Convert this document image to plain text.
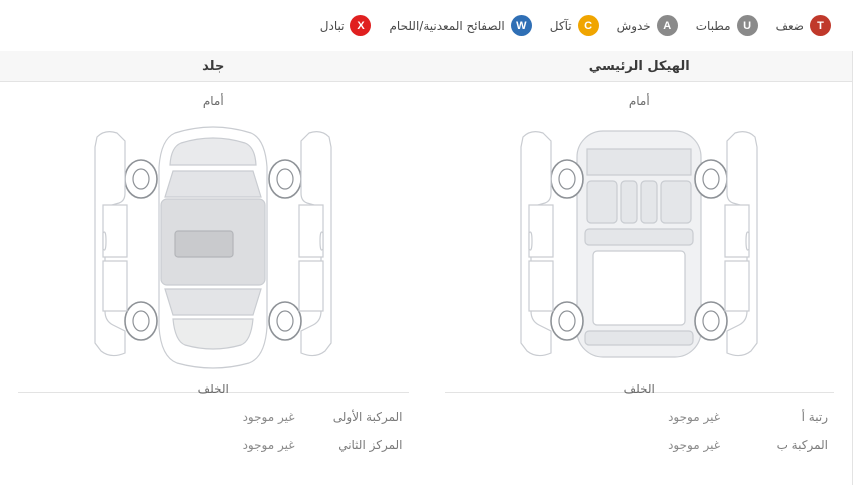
T
ضعف
U
مطبات
A
خدوش
C
تآكل
W
الصفائح المعدنية/اللحام
X
تبادل
الهيكل الرئيسي
أمام
الخلف
رتبة أ
غير موجود
المركبة ب
غير موجود
جلد
أمام
الخلف
المركبة الأولى
غير موجود
المركز الثاني
غير موجود
